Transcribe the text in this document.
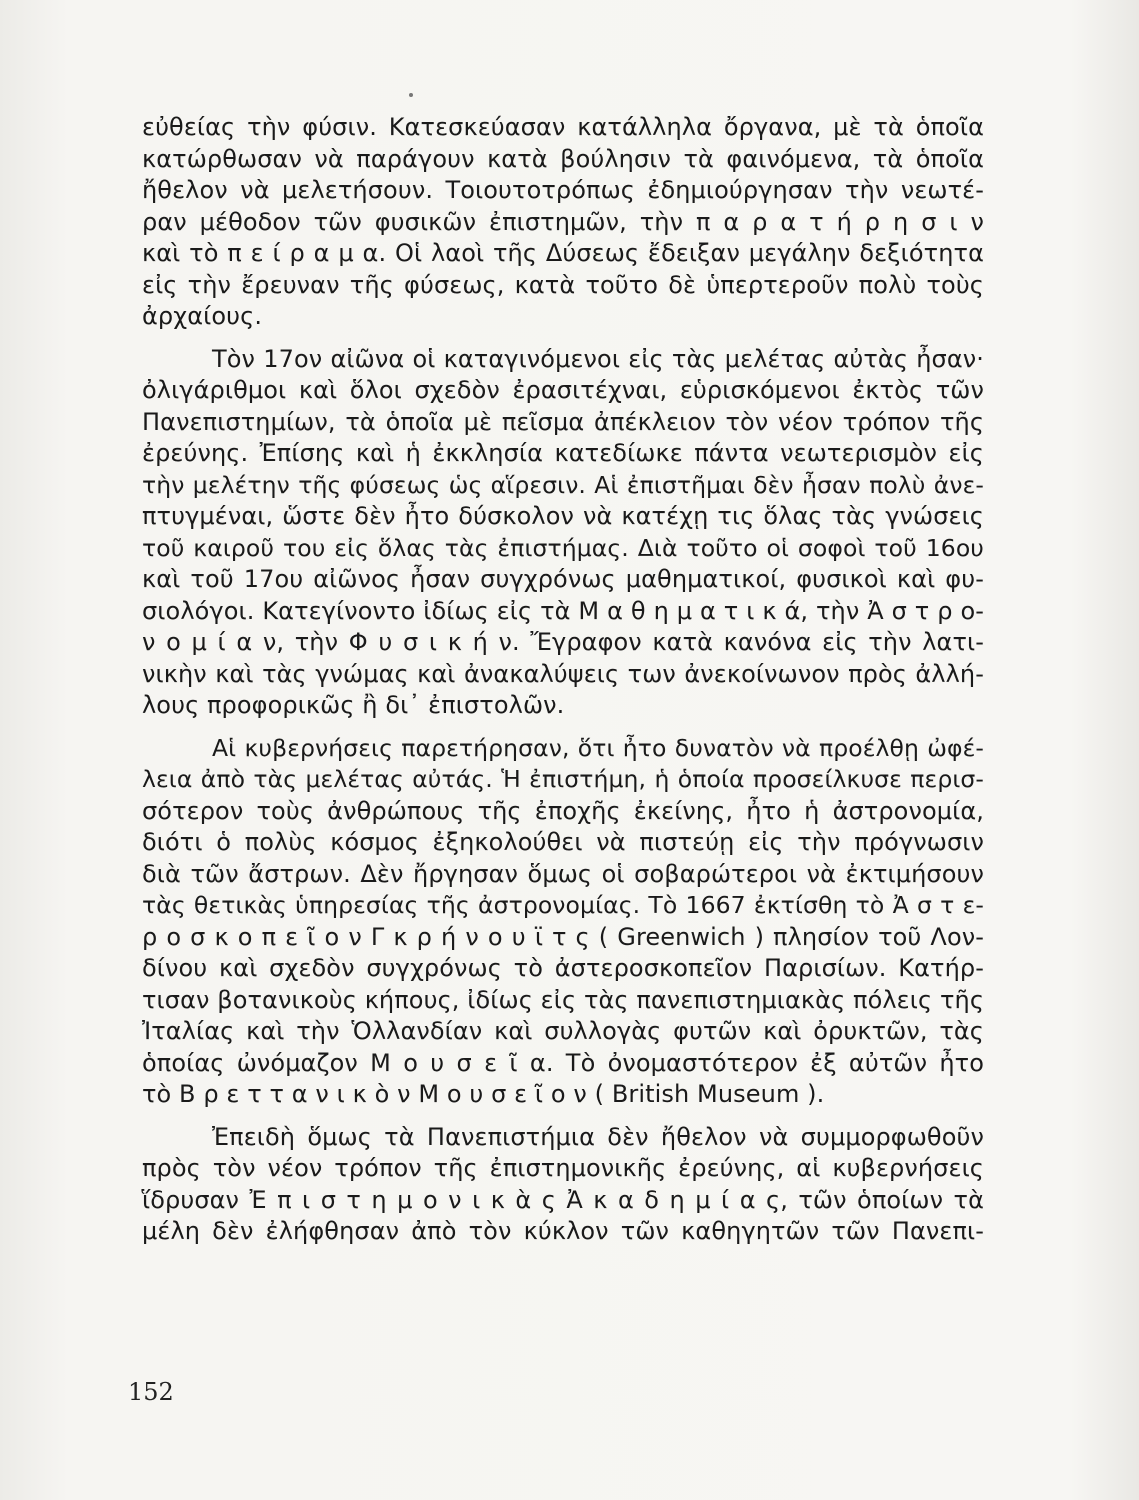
εὐθείας τὴν φύσιν. Κατεσκεύασαν κατάλληλα ὄργανα, μὲ τὰ ὁποῖα
κατώρθωσαν νὰ παράγουν κατὰ βούλησιν τὰ φαινόμενα, τὰ ὁποῖα
ἤθελον νὰ μελετήσουν. Τοιουτοτρόπως ἐδημιούργησαν τὴν νεωτέ-
ραν μέθοδον τῶν φυσικῶν ἐπιστημῶν, τὴν π α ρ α τ ή ρ η σ ι ν
καὶ τὸ π ε ί ρ α μ α. Οἱ λαοὶ τῆς Δύσεως ἔδειξαν μεγάλην δεξιότητα
εἰς τὴν ἔρευναν τῆς φύσεως, κατὰ τοῦτο δὲ ὑπερτεροῦν πολὺ τοὺς
ἀρχαίους.
Τὸν 17ον αἰῶνα οἱ καταγινόμενοι εἰς τὰς μελέτας αὐτὰς ἦσαν·
ὀλιγάριθμοι καὶ ὅλοι σχεδὸν ἐρασιτέχναι, εὑρισκόμενοι ἐκτὸς τῶν
Πανεπιστημίων, τὰ ὁποῖα μὲ πεῖσμα ἀπέκλειον τὸν νέον τρόπον τῆς
ἐρεύνης. Ἐπίσης καὶ ἡ ἐκκλησία κατεδίωκε πάντα νεωτερισμὸν εἰς
τὴν μελέτην τῆς φύσεως ὡς αἵρεσιν. Αἱ ἐπιστῆμαι δὲν ἦσαν πολὺ ἀνε-
πτυγμέναι, ὥστε δὲν ἦτο δύσκολον νὰ κατέχῃ τις ὅλας τὰς γνώσεις
τοῦ καιροῦ του εἰς ὅλας τὰς ἐπιστήμας. Διὰ τοῦτο οἱ σοφοὶ τοῦ 16ου
καὶ τοῦ 17ου αἰῶνος ἦσαν συγχρόνως μαθηματικοί, φυσικοὶ καὶ φυ-
σιολόγοι. Κατεγίνοντο ἰδίως εἰς τὰ Μ α θ η μ α τ ι κ ά, τὴν Ἀ σ τ ρ ο-
ν ο μ ί α ν, τὴν Φ υ σ ι κ ή ν. Ἔγραφον κατὰ κανόνα εἰς τὴν λατι-
νικὴν καὶ τὰς γνώμας καὶ ἀνακαλύψεις των ἀνεκοίνωνον πρὸς ἀλλή-
λους προφορικῶς ἢ δι᾽ ἐπιστολῶν.
Αἱ κυβερνήσεις παρετήρησαν, ὅτι ἦτο δυνατὸν νὰ προέλθῃ ὠφέ-
λεια ἀπὸ τὰς μελέτας αὐτάς. Ἡ ἐπιστήμη, ἡ ὁποία προσείλκυσε περισ-
σότερον τοὺς ἀνθρώπους τῆς ἐποχῆς ἐκείνης, ἦτο ἡ ἀστρονομία,
διότι ὁ πολὺς κόσμος ἐξηκολούθει νὰ πιστεύῃ εἰς τὴν πρόγνωσιν
διὰ τῶν ἄστρων. Δὲν ἤργησαν ὅμως οἱ σοβαρώτεροι νὰ ἐκτιμήσουν
τὰς θετικὰς ὑπηρεσίας τῆς ἀστρονομίας. Τὸ 1667 ἐκτίσθη τὸ Ἀ σ τ ε-
ρ ο σ κ ο π ε ῖ ο ν Γ κ ρ ή ν ο υ ϊ τ ς ( Greenwich ) πλησίον τοῦ Λον-
δίνου καὶ σχεδὸν συγχρόνως τὸ ἀστεροσκοπεῖον Παρισίων. Κατήρ-
τισαν βοτανικοὺς κήπους, ἰδίως εἰς τὰς πανεπιστημιακὰς πόλεις τῆς
Ἰταλίας καὶ τὴν Ὁλλανδίαν καὶ συλλογὰς φυτῶν καὶ ὀρυκτῶν, τὰς
ὁποίας ὠνόμαζον Μ ο υ σ ε ῖ α. Τὸ ὀνομαστότερον ἐξ αὐτῶν ἦτο
τὸ Β ρ ε τ τ α ν ι κ ὸ ν Μ ο υ σ ε ῖ ο ν ( British Museum ).
Ἐπειδὴ ὅμως τὰ Πανεπιστήμια δὲν ἤθελον νὰ συμμορφωθοῦν
πρὸς τὸν νέον τρόπον τῆς ἐπιστημονικῆς ἐρεύνης, αἱ κυβερνήσεις
ἵδρυσαν Ἐ π ι σ τ η μ ο ν ι κ ὰ ς Ἀ κ α δ η μ ί α ς, τῶν ὁποίων τὰ
μέλη δὲν ἐλήφθησαν ἀπὸ τὸν κύκλον τῶν καθηγητῶν τῶν Πανεπι-
152
